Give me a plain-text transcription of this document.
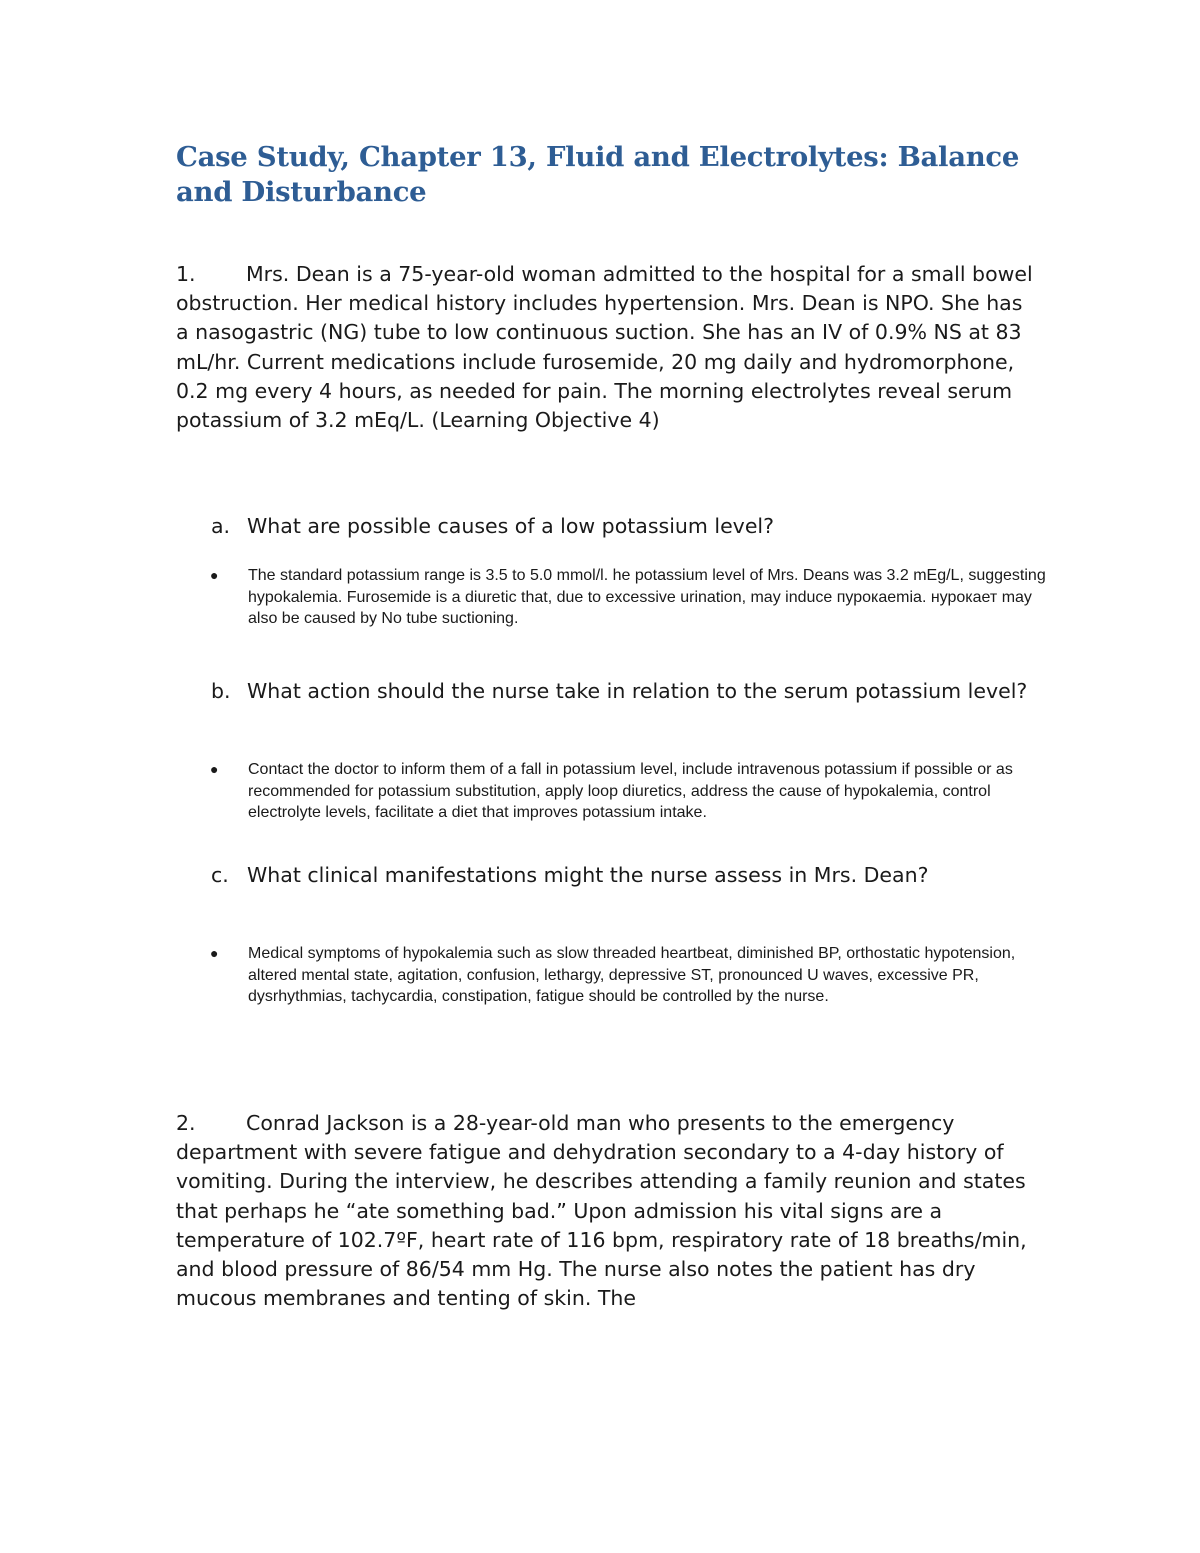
Case Study, Chapter 13, Fluid and Electrolytes: Balance and Disturbance

1. Mrs. Dean is a 75-year-old woman admitted to the hospital for a small bowel obstruction. Her medical history includes hypertension. Mrs. Dean is NPO. She has a nasogastric (NG) tube to low continuous suction. She has an IV of 0.9% NS at 83 mL/hr. Current medications include furosemide, 20 mg daily and hydromorphone, 0.2 mg every 4 hours, as needed for pain. The morning electrolytes reveal serum potassium of 3.2 mEq/L. (Learning Objective 4)

a. What are possible causes of a low potassium level?

●	The standard potassium range is 3.5 to 5.0 mmol/l. he potassium level of Mrs. Deans was 3.2 mEg/L, suggesting hypokalemia. Furosemide is a diuretic that, due to excessive urination, may induce пурокаеmia. нурокает may also be caused by No tube suctioning.

b. What action should the nurse take in relation to the serum potassium level?

●	Contact the doctor to inform them of a fall in potassium level, include intravenous potassium if possible or as recommended for potassium substitution, apply loop diuretics, address the cause of hypokalemia, control electrolyte levels, facilitate a diet that improves potassium intake.

c. What clinical manifestations might the nurse assess in Mrs. Dean?

●	Medical symptoms of hypokalemia such as slow threaded heartbeat, diminished BP, orthostatic hypotension, altered mental state, agitation, confusion, lethargy, depressive ST, pronounced U waves, excessive PR, dysrhythmias, tachycardia, constipation, fatigue should be controlled by the nurse.

2. Conrad Jackson is a 28-year-old man who presents to the emergency department with severe fatigue and dehydration secondary to a 4-day history of vomiting. During the interview, he describes attending a family reunion and states that perhaps he “ate something bad.” Upon admission his vital signs are a temperature of 102.7ºF, heart rate of 116 bpm, respiratory rate of 18 breaths/min, and blood pressure of 86/54 mm Hg. The nurse also notes the patient has dry mucous membranes and tenting of skin. The
